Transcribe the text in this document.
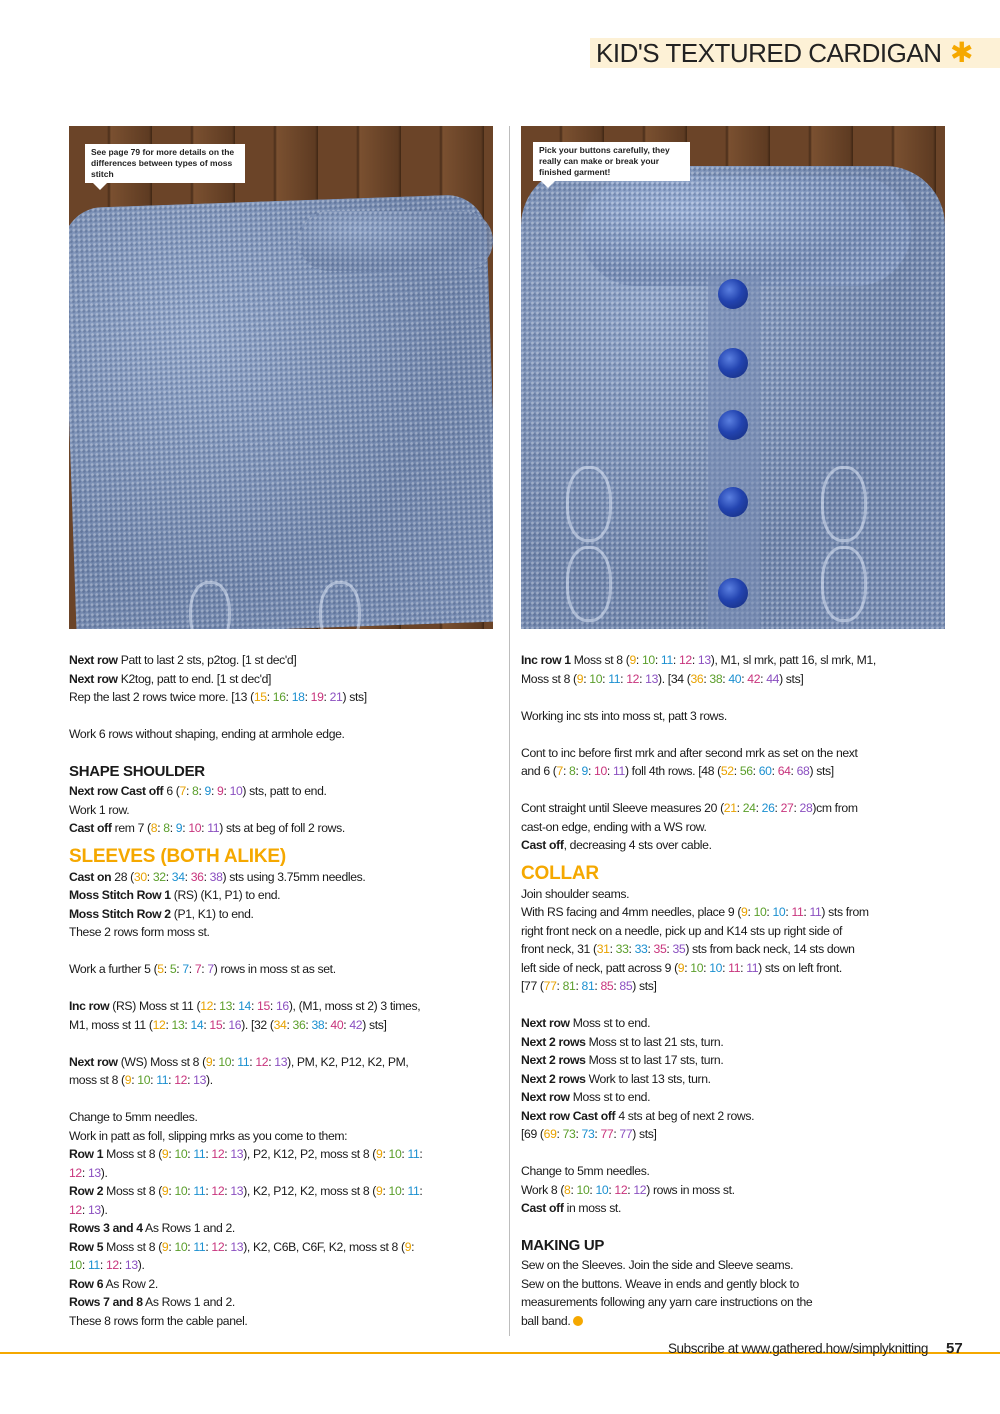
KID'S TEXTURED CARDIGAN ✱
See page 79 for more details on the differences between types of moss stitch
Pick your buttons carefully, they really can make or break your finished garment!

Next row Patt to last 2 sts, p2tog. [1 st dec'd]
Next row K2tog, patt to end. [1 st dec'd]
Rep the last 2 rows twice more. [13 (15: 16: 18: 19: 21) sts]

Work 6 rows without shaping, ending at armhole edge.

SHAPE SHOULDER

Next row Cast off 6 (7: 8: 9: 9: 10) sts, patt to end.
Work 1 row.
Cast off rem 7 (8: 8: 9: 10: 11) sts at beg of foll 2 rows.

SLEEVES (BOTH ALIKE)

Cast on 28 (30: 32: 34: 36: 38) sts using 3.75mm needles.
Moss Stitch Row 1 (RS) (K1, P1) to end.
Moss Stitch Row 2 (P1, K1) to end.
These 2 rows form moss st.

Work a further 5 (5: 5: 7: 7: 7) rows in moss st as set.

Inc row (RS) Moss st 11 (12: 13: 14: 15: 16), (M1, moss st 2) 3 times,
M1, moss st 11 (12: 13: 14: 15: 16). [32 (34: 36: 38: 40: 42) sts]

Next row (WS) Moss st 8 (9: 10: 11: 12: 13), PM, K2, P12, K2, PM,
moss st 8 (9: 10: 11: 12: 13).

Change to 5mm needles.
Work in patt as foll, slipping mrks as you come to them:
Row 1 Moss st 8 (9: 10: 11: 12: 13), P2, K12, P2, moss st 8 (9: 10: 11:
12: 13).
Row 2 Moss st 8 (9: 10: 11: 12: 13), K2, P12, K2, moss st 8 (9: 10: 11:
12: 13).
Rows 3 and 4 As Rows 1 and 2.
Row 5 Moss st 8 (9: 10: 11: 12: 13), K2, C6B, C6F, K2, moss st 8 (9:
10: 11: 12: 13).
Row 6 As Row 2.
Rows 7 and 8 As Rows 1 and 2.
These 8 rows form the cable panel.

Inc row 1 Moss st 8 (9: 10: 11: 12: 13), M1, sl mrk, patt 16, sl mrk, M1,
Moss st 8 (9: 10: 11: 12: 13). [34 (36: 38: 40: 42: 44) sts]

Working inc sts into moss st, patt 3 rows.

Cont to inc before first mrk and after second mrk as set on the next
and 6 (7: 8: 9: 10: 11) foll 4th rows. [48 (52: 56: 60: 64: 68) sts]

Cont straight until Sleeve measures 20 (21: 24: 26: 27: 28)cm from
cast-on edge, ending with a WS row.
Cast off, decreasing 4 sts over cable.

COLLAR

Join shoulder seams.
With RS facing and 4mm needles, place 9 (9: 10: 10: 11: 11) sts from
right front neck on a needle, pick up and K14 sts up right side of
front neck, 31 (31: 33: 33: 35: 35) sts from back neck, 14 sts down
left side of neck, patt across 9 (9: 10: 10: 11: 11) sts on left front.
[77 (77: 81: 81: 85: 85) sts]

Next row Moss st to end.
Next 2 rows Moss st to last 21 sts, turn.
Next 2 rows Moss st to last 17 sts, turn.
Next 2 rows Work to last 13 sts, turn.
Next row Moss st to end.
Next row Cast off 4 sts at beg of next 2 rows.
[69 (69: 73: 73: 77: 77) sts]

Change to 5mm needles.
Work 8 (8: 10: 10: 12: 12) rows in moss st.
Cast off in moss st.

MAKING UP

Sew on the Sleeves. Join the side and Sleeve seams.
Sew on the buttons. Weave in ends and gently block to
measurements following any yarn care instructions on the
ball band.

Subscribe at www.gathered.how/simplyknitting 57
